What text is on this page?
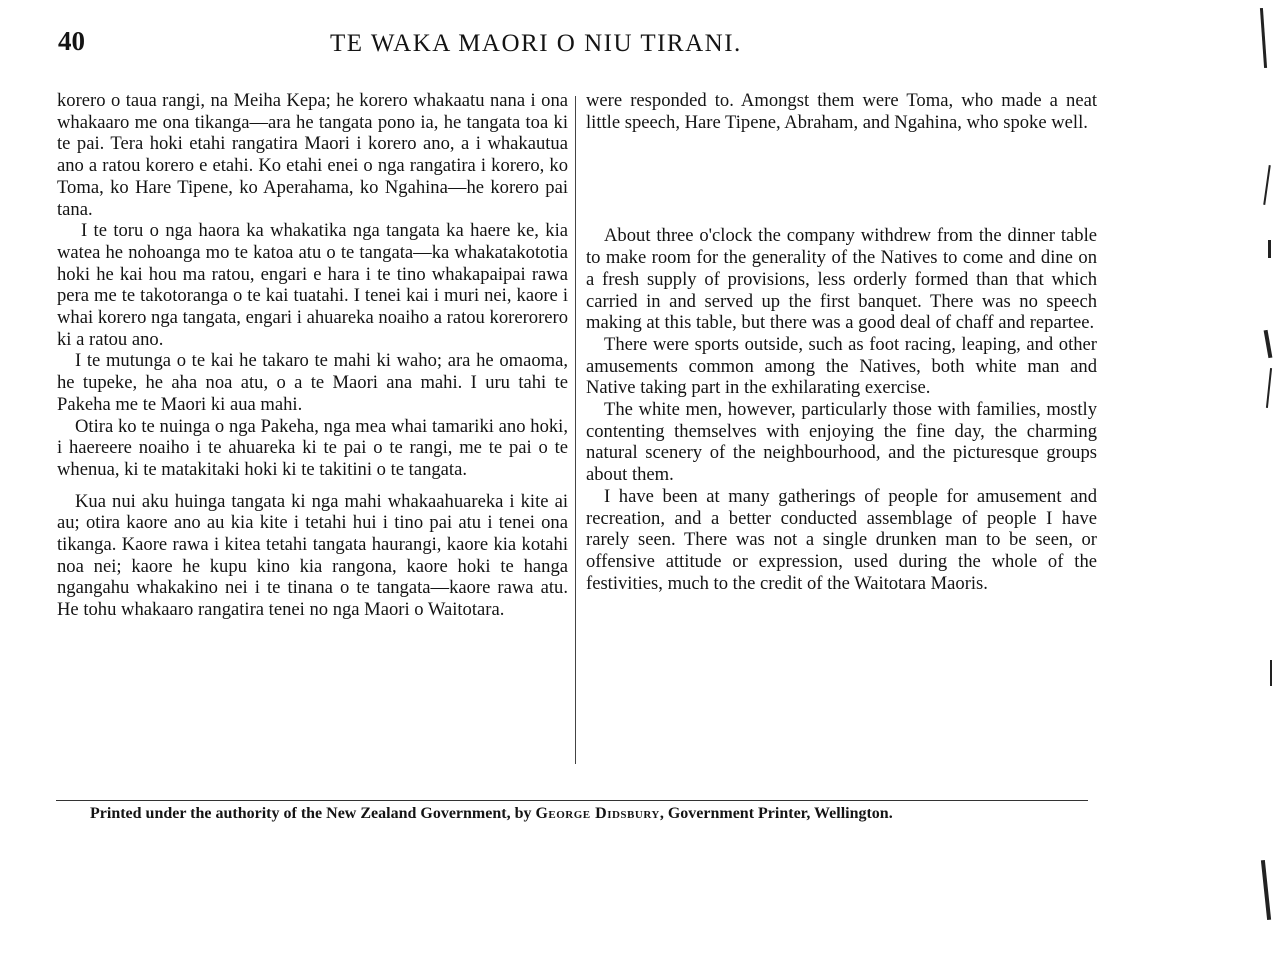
40	TE WAKA MAORI O NIU TIRANI.

korero o taua rangi, na Meiha Kepa; he korero whakaatu nana i ona whakaaro me ona tikanga—ara he tangata pono ia, he tangata toa ki te pai. Tera hoki etahi rangatira Maori i korero ano, a i whakautua ano a ratou korero e etahi. Ko etahi enei o nga rangatira i korero, ko Toma, ko Hare Tipene, ko Aperahama, ko Ngahina—he korero pai tana.

I te toru o nga haora ka whakatika nga tangata ka haere ke, kia watea he nohoanga mo te katoa atu o te tangata—ka whakatakototia hoki he kai hou ma ratou, engari e hara i te tino whakapaipai rawa pera me te takotoranga o te kai tuatahi. I tenei kai i muri nei, kaore i whai korero nga tangata, engari i ahuareka noaiho a ratou korerorero ki a ratou ano.

I te mutunga o te kai he takaro te mahi ki waho; ara he omaoma, he tupeke, he aha noa atu, o a te Maori ana mahi. I uru tahi te Pakeha me te Maori ki aua mahi.

Otira ko te nuinga o nga Pakeha, nga mea whai tamariki ano hoki, i haereere noaiho i te ahuareka ki te pai o te rangi, me te pai o te whenua, ki te matakitaki hoki ki te takitini o te tangata.

Kua nui aku huinga tangata ki nga mahi whakaahuareka i kite ai au; otira kaore ano au kia kite i tetahi hui i tino pai atu i tenei ona tikanga. Kaore rawa i kitea tetahi tangata haurangi, kaore kia kotahi noa nei; kaore he kupu kino kia rangona, kaore hoki te hanga ngangahu whakakino nei i te tinana o te tangata—kaore rawa atu. He tohu whakaaro rangatira tenei no nga Maori o Waitotara.

were responded to. Amongst them were Toma, who made a neat little speech, Hare Tipene, Abraham, and Ngahina, who spoke well.

About three o'clock the company withdrew from the dinner table to make room for the generality of the Natives to come and dine on a fresh supply of provisions, less orderly formed than that which carried in and served up the first banquet. There was no speech making at this table, but there was a good deal of chaff and repartee.

There were sports outside, such as foot racing, leaping, and other amusements common among the Natives, both white man and Native taking part in the exhilarating exercise.

The white men, however, particularly those with families, mostly contenting themselves with enjoying the fine day, the charming natural scenery of the neighbourhood, and the picturesque groups about them.

I have been at many gatherings of people for amusement and recreation, and a better conducted assemblage of people I have rarely seen. There was not a single drunken man to be seen, or offensive attitude or expression, used during the whole of the festivities, much to the credit of the Waitotara Maoris.

Printed under the authority of the New Zealand Government, by George Didsbury, Government Printer, Wellington.
